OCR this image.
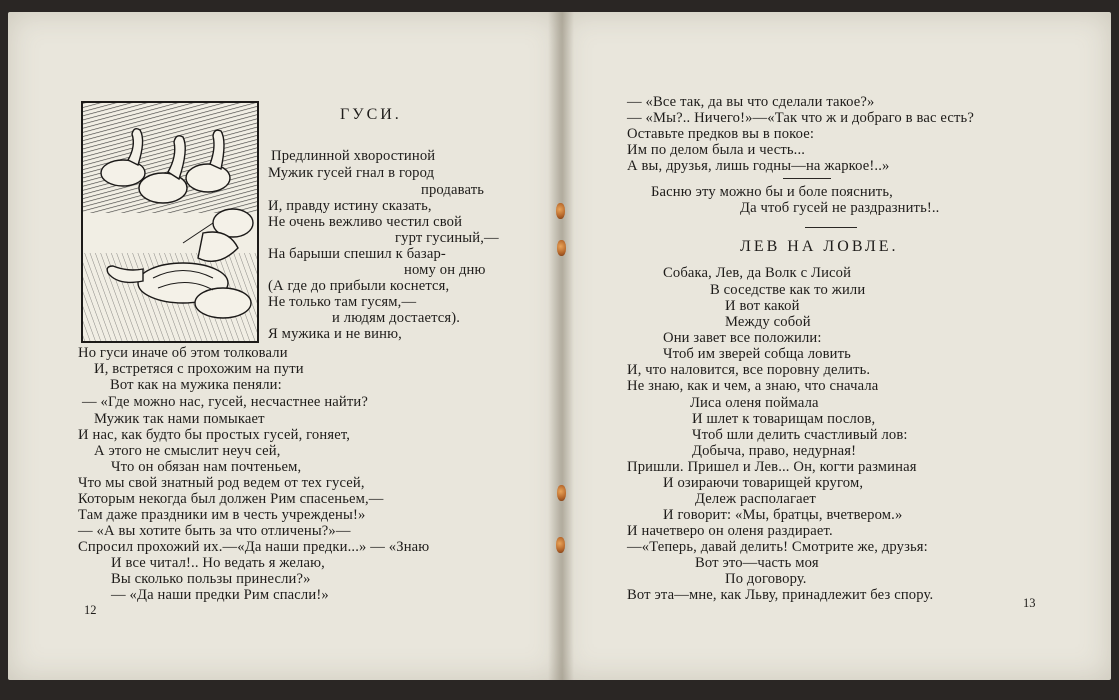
ГУСИ.
Предлинной хворостиной
Мужик гусей гнал в город
продавать
И, правду истину сказать,
Не очень вежливо честил свой
гурт гусиный,—
На барыши спешил к базар-
ному он дню
(А где до прибыли коснется,
Не только там гусям,—
и людям достается).
Я мужика и не виню,
Но гуси иначе об этом толковали
И, встретяся с прохожим на пути
Вот как на мужика пеняли:
— «Где можно нас, гусей, несчастнее найти?
Мужик так нами помыкает
И нас, как будто бы простых гусей, гоняет,
А этого не смыслит неуч сей,
Что он обязан нам почтеньем,
Что мы свой знатный род ведем от тех гусей,
Которым некогда был должен Рим спасеньем,—
Там даже праздники им в честь учреждены!»
— «А вы хотите быть за что отличены?»—
Спросил прохожий их.—«Да наши предки...» — «Знаю
И все читал!.. Но ведать я желаю,
Вы сколько пользы принесли?»
— «Да наши предки Рим спасли!»
12
— «Все так, да вы что сделали такое?»
— «Мы?.. Ничего!»—«Так что ж и добраго в вас есть?
Оставьте предков вы в покое:
Им по делом была и честь...
А вы, друзья, лишь годны—на жаркое!..»
Басню эту можно бы и боле пояснить,
Да чтоб гусей не раздразнить!..
ЛЕВ НА ЛОВЛЕ.
Собака, Лев, да Волк с Лисой
В соседстве как то жили
И вот какой
Между собой
Они завет все положили:
Чтоб им зверей собща ловить
И, что наловится, все поровну делить.
Не знаю, как и чем, а знаю, что сначала
Лиса оленя поймала
И шлет к товарищам послов,
Чтоб шли делить счастливый лов:
Добыча, право, недурная!
Пришли. Пришел и Лев... Он, когти разминая
И озираючи товарищей кругом,
Дележ располагает
И говорит: «Мы, братцы, вчетвером.»
И начетверо он оленя раздирает.
—«Теперь, давай делить! Смотрите же, друзья:
Вот это—часть моя
По договору.
Вот эта—мне, как Льву, принадлежит без спору.	13
